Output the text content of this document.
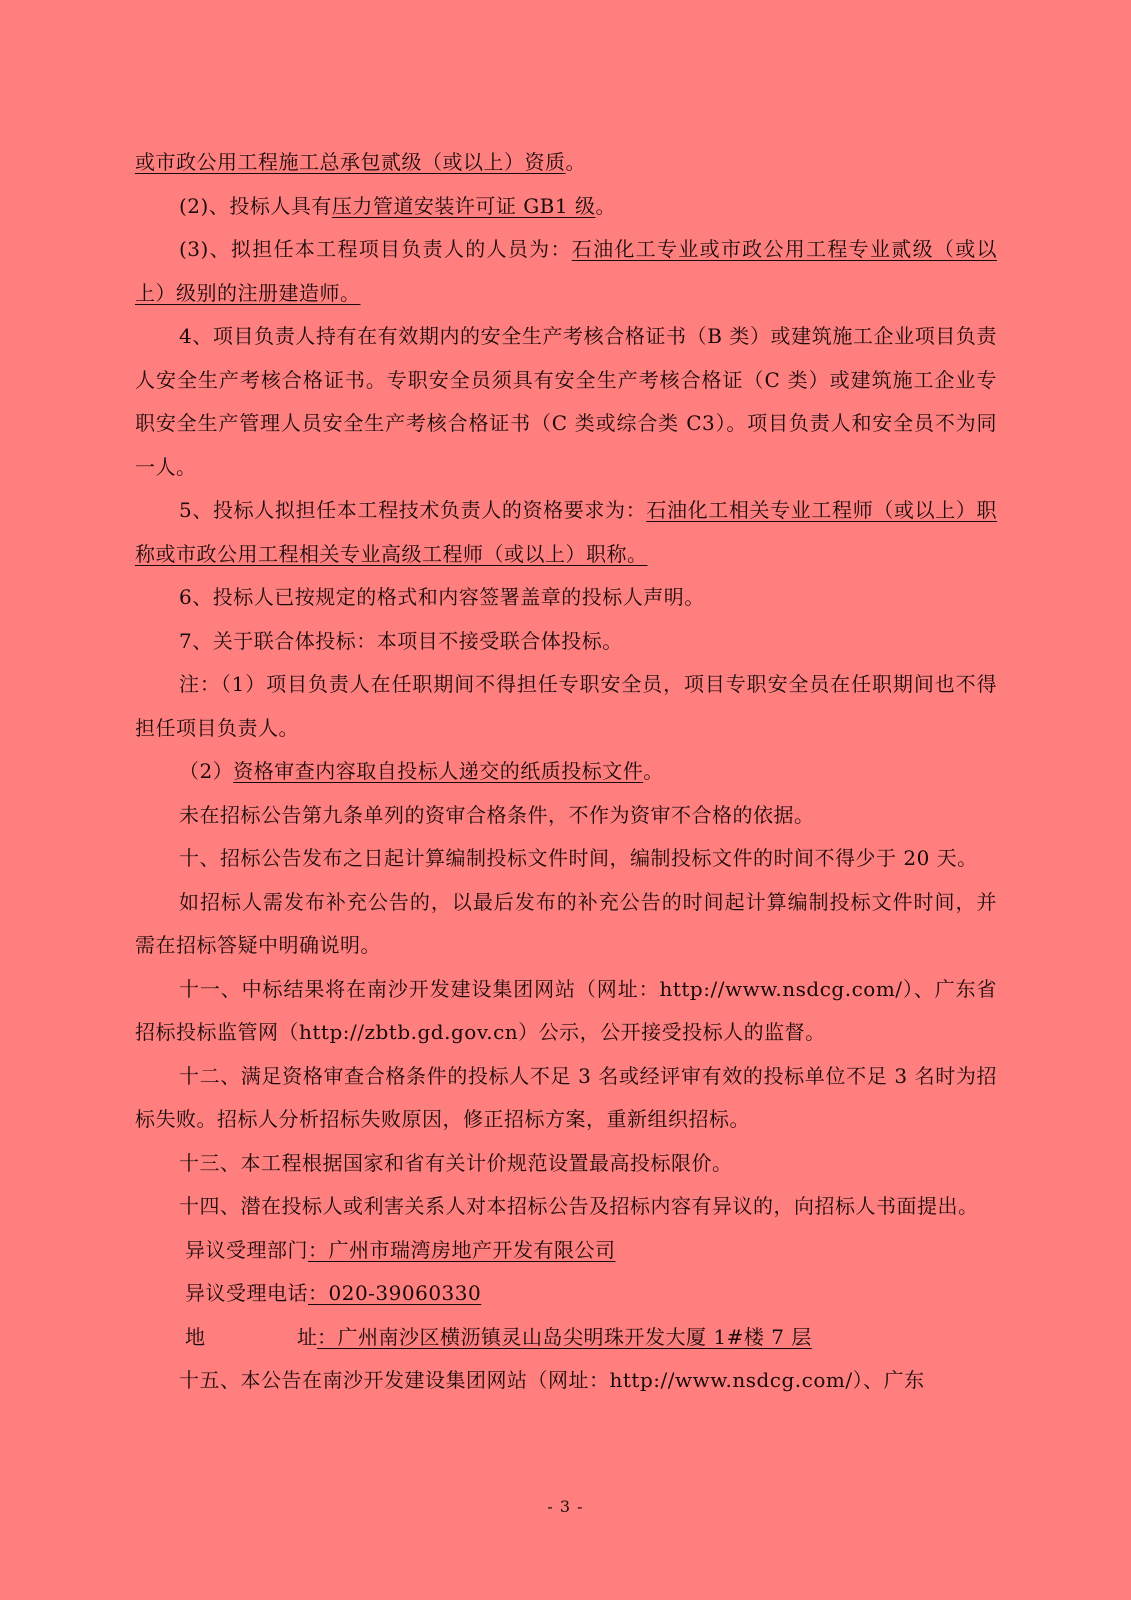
或市政公用工程施工总承包贰级（或以上）资质。

(2)、投标人具有压力管道安装许可证 GB1 级。

(3)、拟担任本工程项目负责人的人员为：石油化工专业或市政公用工程专业贰级（或以上）级别的注册建造师。

4、项目负责人持有在有效期内的安全生产考核合格证书（B 类）或建筑施工企业项目负责人安全生产考核合格证书。专职安全员须具有安全生产考核合格证（C 类）或建筑施工企业专职安全生产管理人员安全生产考核合格证书（C 类或综合类 C3）。项目负责人和安全员不为同一人。

5、投标人拟担任本工程技术负责人的资格要求为：石油化工相关专业工程师（或以上）职称或市政公用工程相关专业高级工程师（或以上）职称。

6、投标人已按规定的格式和内容签署盖章的投标人声明。

7、关于联合体投标：本项目不接受联合体投标。

注：（1）项目负责人在任职期间不得担任专职安全员，项目专职安全员在任职期间也不得担任项目负责人。

（2）资格审查内容取自投标人递交的纸质投标文件。

未在招标公告第九条单列的资审合格条件，不作为资审不合格的依据。

十、招标公告发布之日起计算编制投标文件时间，编制投标文件的时间不得少于 20 天。

如招标人需发布补充公告的，以最后发布的补充公告的时间起计算编制投标文件时间，并需在招标答疑中明确说明。

十一、中标结果将在南沙开发建设集团网站（网址：http://www.nsdcg.com/）、广东省招标投标监管网（http://zbtb.gd.gov.cn）公示，公开接受投标人的监督。

十二、满足资格审查合格条件的投标人不足 3 名或经评审有效的投标单位不足 3 名时为招标失败。招标人分析招标失败原因，修正招标方案，重新组织招标。

十三、本工程根据国家和省有关计价规范设置最高投标限价。

十四、潜在投标人或利害关系人对本招标公告及招标内容有异议的，向招标人书面提出。

异议受理部门：广州市瑞湾房地产开发有限公司

异议受理电话：020-39060330

地	址 ：广州南沙区横沥镇灵山岛尖明珠开发大厦 1#楼 7 层

十五、本公告在南沙开发建设集团网站（网址：http://www.nsdcg.com/）、广东

- 3 -
